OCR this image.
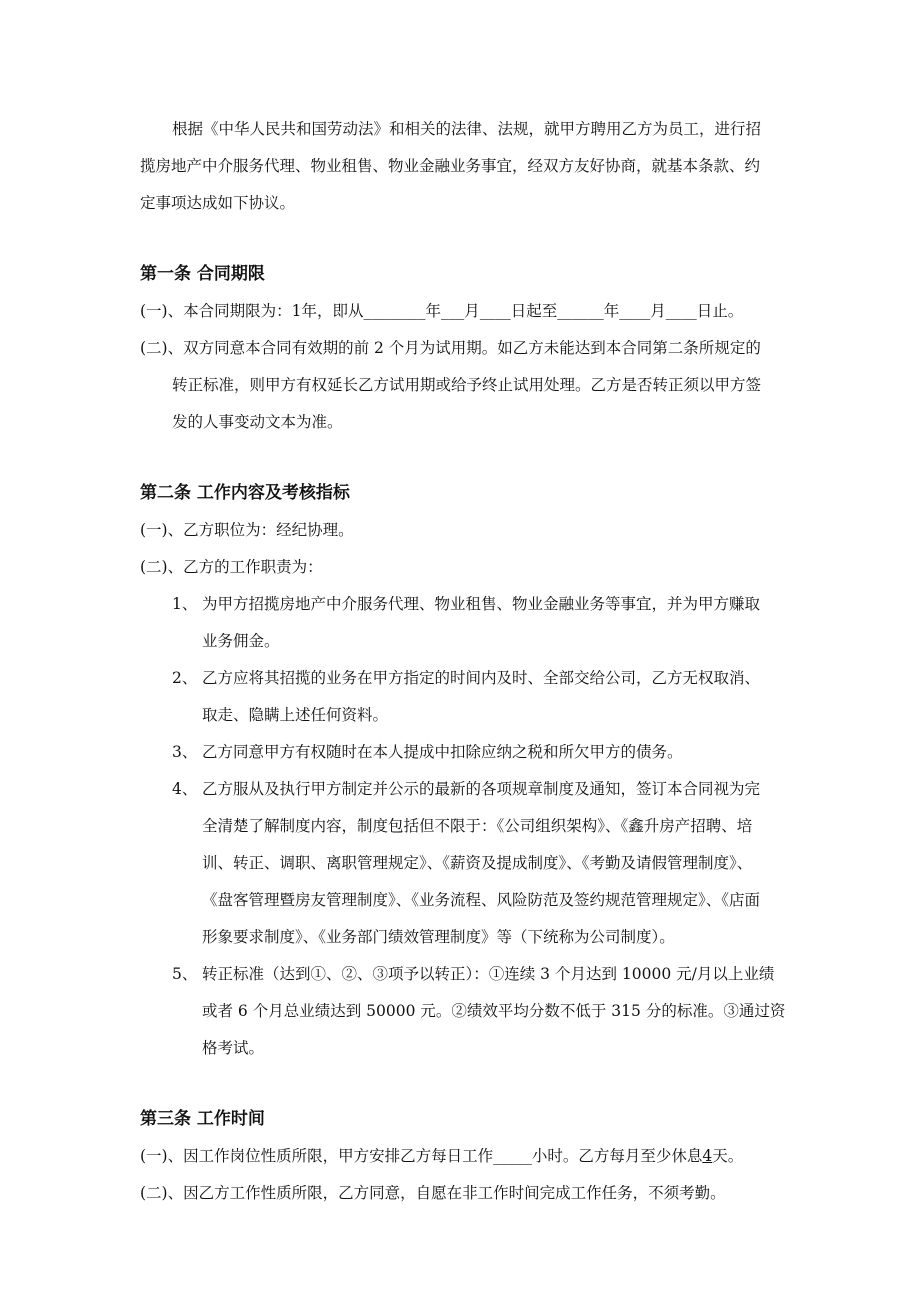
根据《中华人民共和国劳动法》和相关的法律、法规，就甲方聘用乙方为员工，进行招
揽房地产中介服务代理、物业租售、物业金融业务事宜，经双方友好协商，就基本条款、约
定事项达成如下协议。
第一条 合同期限
(一)、本合同期限为：1年，即从________年___月____日起至______年____月____日止。
(二)、双方同意本合同有效期的前 2 个月为试用期。如乙方未能达到本合同第二条所规定的
转正标准，则甲方有权延长乙方试用期或给予终止试用处理。乙方是否转正须以甲方签
发的人事变动文本为准。
第二条 工作内容及考核指标
(一)、乙方职位为：经纪协理。
(二)、乙方的工作职责为：
1、 为甲方招揽房地产中介服务代理、物业租售、物业金融业务等事宜，并为甲方赚取
业务佣金。
2、 乙方应将其招揽的业务在甲方指定的时间内及时、全部交给公司，乙方无权取消、
取走、隐瞒上述任何资料。
3、 乙方同意甲方有权随时在本人提成中扣除应纳之税和所欠甲方的债务。
4、 乙方服从及执行甲方制定并公示的最新的各项规章制度及通知，签订本合同视为完
全清楚了解制度内容，制度包括但不限于：《公司组织架构》、《鑫升房产招聘、培
训、转正、调职、离职管理规定》、《薪资及提成制度》、《考勤及请假管理制度》、
《盘客管理暨房友管理制度》、《业务流程、风险防范及签约规范管理规定》、《店面
形象要求制度》、《业务部门绩效管理制度》等（下统称为公司制度）。
5、 转正标准（达到①、②、③项予以转正）：①连续 3 个月达到 10000 元/月以上业绩
或者 6 个月总业绩达到 50000 元。②绩效平均分数不低于 315 分的标准。③通过资
格考试。
第三条 工作时间
(一)、因工作岗位性质所限，甲方安排乙方每日工作_____小时。乙方每月至少休息4天。
(二)、因乙方工作性质所限，乙方同意，自愿在非工作时间完成工作任务，不须考勤。
